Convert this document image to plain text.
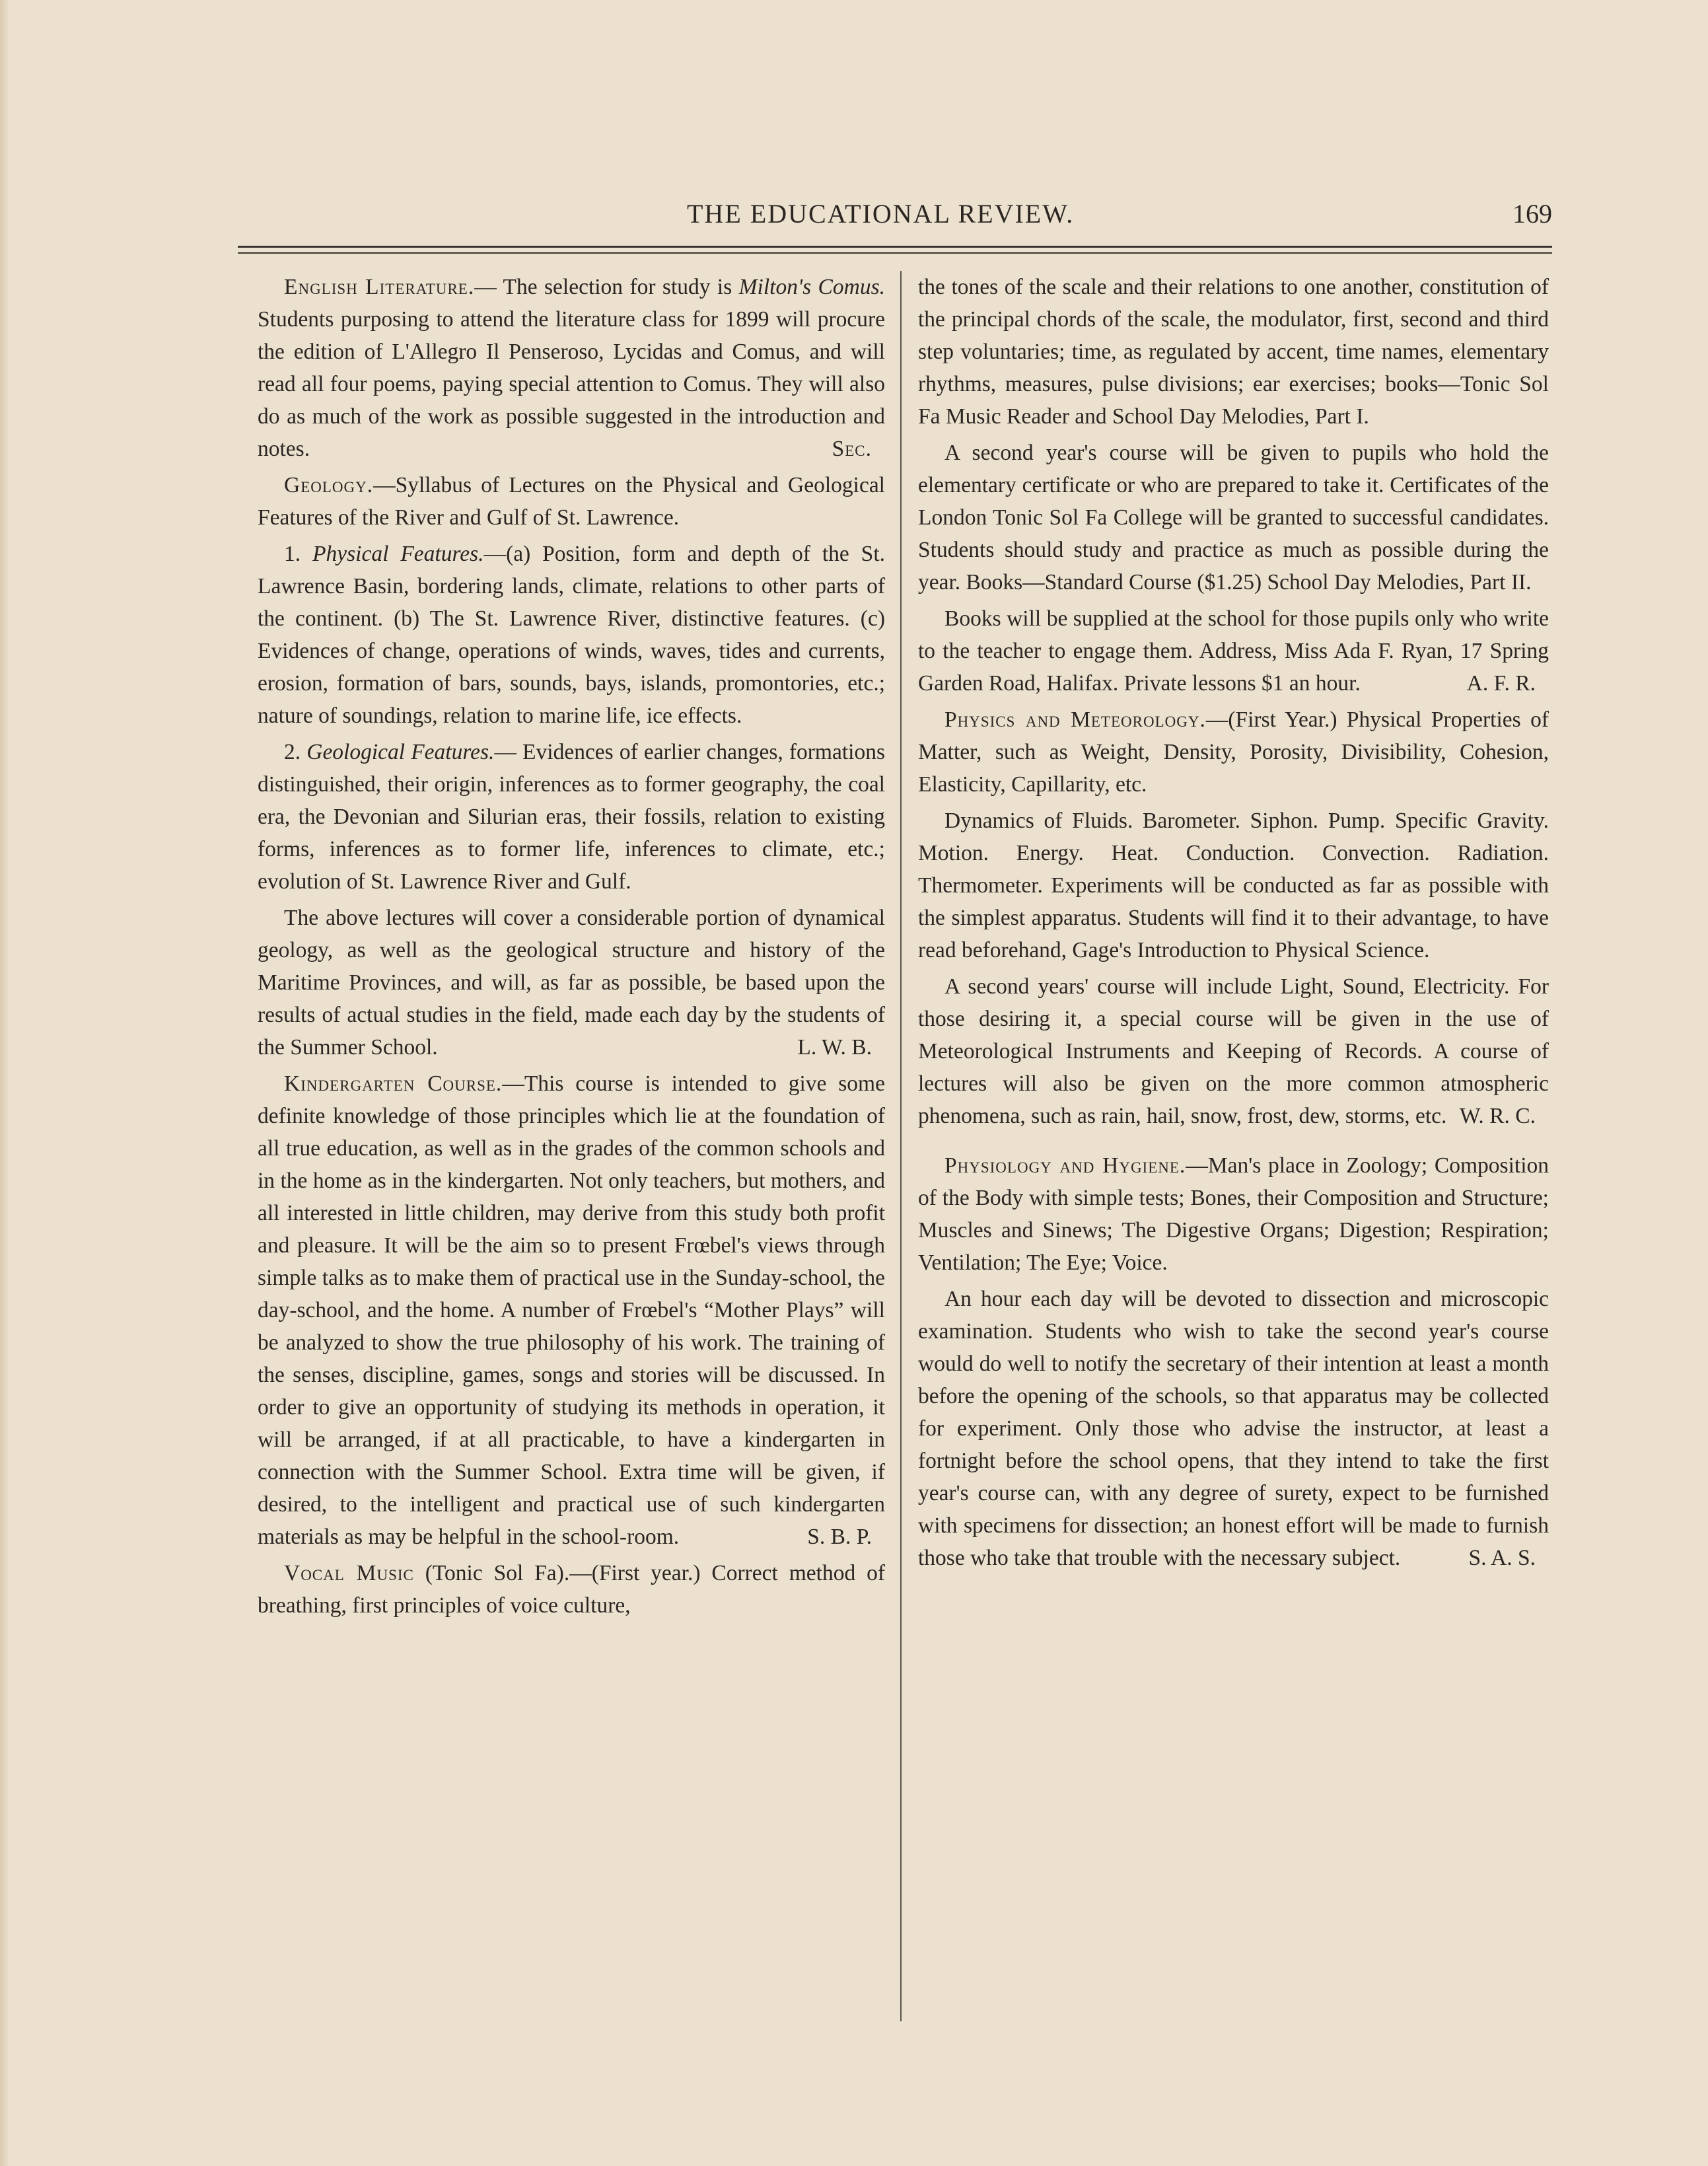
THE EDUCATIONAL REVIEW.	169

English Literature.— The selection for study is Milton's Comus. Students purposing to attend the literature class for 1899 will procure the edition of L'Allegro Il Penseroso, Lycidas and Comus, and will read all four poems, paying special attention to Comus. They will also do as much of the work as possible suggested in the introduction and notes.	Sec.

Geology.—Syllabus of Lectures on the Physical and Geological Features of the River and Gulf of St. Lawrence.

1. Physical Features.—(a) Position, form and depth of the St. Lawrence Basin, bordering lands, climate, relations to other parts of the continent. (b) The St. Lawrence River, distinctive features. (c) Evidences of change, operations of winds, waves, tides and currents, erosion, formation of bars, sounds, bays, islands, promontories, etc.; nature of soundings, relation to marine life, ice effects.

2. Geological Features.— Evidences of earlier changes, formations distinguished, their origin, inferences as to former geography, the coal era, the Devonian and Silurian eras, their fossils, relation to existing forms, inferences as to former life, inferences to climate, etc.; evolution of St. Lawrence River and Gulf.

The above lectures will cover a considerable portion of dynamical geology, as well as the geological structure and history of the Maritime Provinces, and will, as far as possible, be based upon the results of actual studies in the field, made each day by the students of the Summer School.	L. W. B.

Kindergarten Course.—This course is intended to give some definite knowledge of those principles which lie at the foundation of all true education, as well as in the grades of the common schools and in the home as in the kindergarten. Not only teachers, but mothers, and all interested in little children, may derive from this study both profit and pleasure. It will be the aim so to present Frœbel's views through simple talks as to make them of practical use in the Sunday-school, the day-school, and the home. A number of Frœbel's “Mother Plays” will be analyzed to show the true philosophy of his work. The training of the senses, discipline, games, songs and stories will be discussed. In order to give an opportunity of studying its methods in operation, it will be arranged, if at all practicable, to have a kindergarten in connection with the Summer School. Extra time will be given, if desired, to the intelligent and practical use of such kindergarten materials as may be helpful in the school-room.	S. B. P.

Vocal Music (Tonic Sol Fa).—(First year.) Correct method of breathing, first principles of voice culture,

the tones of the scale and their relations to one another, constitution of the principal chords of the scale, the modulator, first, second and third step voluntaries; time, as regulated by accent, time names, elementary rhythms, measures, pulse divisions; ear exercises; books—Tonic Sol Fa Music Reader and School Day Melodies, Part I.

A second year's course will be given to pupils who hold the elementary certificate or who are prepared to take it. Certificates of the London Tonic Sol Fa College will be granted to successful candidates. Students should study and practice as much as possible during the year. Books—Standard Course ($1.25) School Day Melodies, Part II.

Books will be supplied at the school for those pupils only who write to the teacher to engage them. Address, Miss Ada F. Ryan, 17 Spring Garden Road, Halifax. Private lessons $1 an hour.	A. F. R.

Physics and Meteorology.—(First Year.) Physical Properties of Matter, such as Weight, Density, Porosity, Divisibility, Cohesion, Elasticity, Capillarity, etc.

Dynamics of Fluids. Barometer. Siphon. Pump. Specific Gravity. Motion. Energy. Heat. Conduction. Convection. Radiation. Thermometer. Experiments will be conducted as far as possible with the simplest apparatus. Students will find it to their advantage, to have read beforehand, Gage's Introduction to Physical Science.

A second years' course will include Light, Sound, Electricity. For those desiring it, a special course will be given in the use of Meteorological Instruments and Keeping of Records. A course of lectures will also be given on the more common atmospheric phenomena, such as rain, hail, snow, frost, dew, storms, etc. W. R. C.

Physiology and Hygiene.—Man's place in Zoology; Composition of the Body with simple tests; Bones, their Composition and Structure; Muscles and Sinews; The Digestive Organs; Digestion; Respiration; Ventilation; The Eye; Voice.

An hour each day will be devoted to dissection and microscopic examination. Students who wish to take the second year's course would do well to notify the secretary of their intention at least a month before the opening of the schools, so that apparatus may be collected for experiment. Only those who advise the instructor, at least a fortnight before the school opens, that they intend to take the first year's course can, with any degree of surety, expect to be furnished with specimens for dissection; an honest effort will be made to furnish those who take that trouble with the necessary subject.	S. A. S.
